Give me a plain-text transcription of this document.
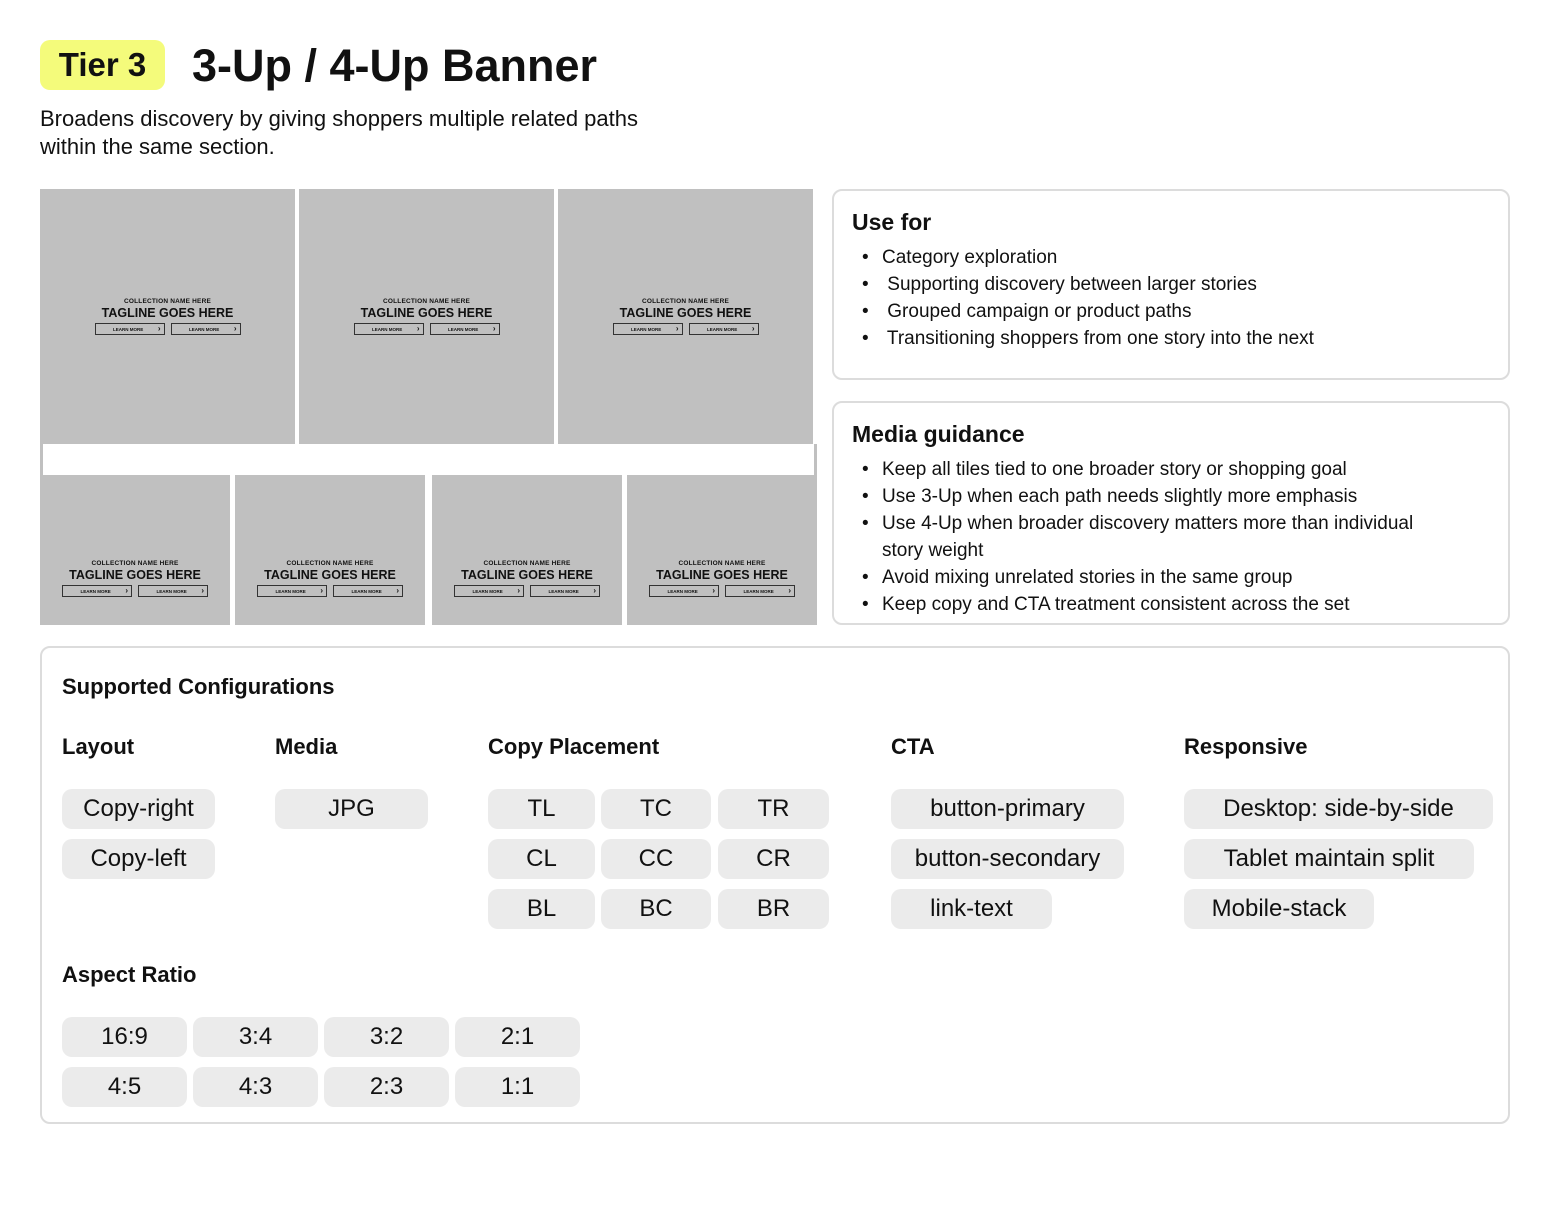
Tier 3	3-Up / 4-Up Banner
Broadens discovery by giving shoppers multiple related paths
within the same section.
COLLECTION NAME HERE
TAGLINE GOES HERE
LEARN MORE	›	LEARN MORE	›
COLLECTION NAME HERE
TAGLINE GOES HERE
LEARN MORE	›	LEARN MORE	›
COLLECTION NAME HERE
TAGLINE GOES HERE
LEARN MORE	›	LEARN MORE	›
COLLECTION NAME HERE
TAGLINE GOES HERE
LEARN MORE	›	LEARN MORE	›
COLLECTION NAME HERE
TAGLINE GOES HERE
LEARN MORE	›	LEARN MORE	›
COLLECTION NAME HERE
TAGLINE GOES HERE
LEARN MORE	›	LEARN MORE	›
COLLECTION NAME HERE
TAGLINE GOES HERE
LEARN MORE	›	LEARN MORE	›
Use for
• Category exploration
•  Supporting discovery between larger stories
•  Grouped campaign or product paths
•  Transitioning shoppers from one story into the next
Media guidance
• Keep all tiles tied to one broader story or shopping goal
• Use 3-Up when each path needs slightly more emphasis
• Use 4-Up when broader discovery matters more than individual
story weight
• Avoid mixing unrelated stories in the same group
• Keep copy and CTA treatment consistent across the set
Supported Configurations
Layout
Copy-right
Copy-left
Media
JPG
Copy Placement
TL	TC	TR
CL	CC	CR
BL	BC	BR
CTA
button-primary
button-secondary
link-text
Responsive
Desktop: side-by-side
Tablet maintain split
Mobile-stack
Aspect Ratio
16:9	3:4	3:2	2:1
4:5	4:3	2:3	1:1
